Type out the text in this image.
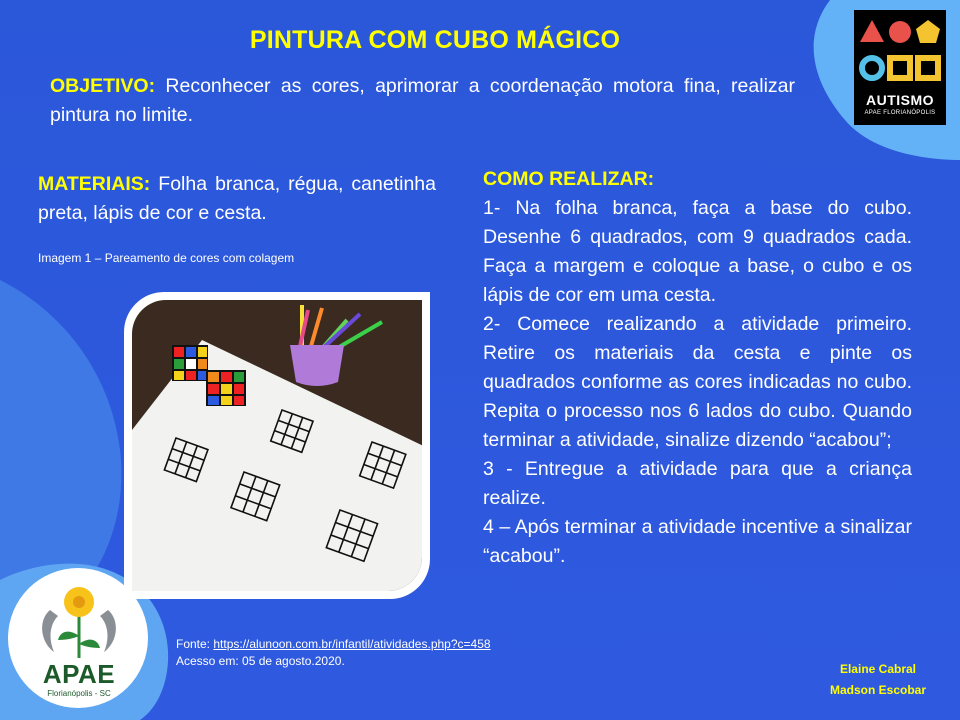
PINTURA COM CUBO MÁGICO
OBJETIVO: Reconhecer as cores, aprimorar a coordenação motora fina, realizar pintura no limite.
MATERIAIS: Folha branca, régua, canetinha preta, lápis de cor e cesta.
Imagem 1 – Pareamento de cores com colagem

COMO REALIZAR:

1- Na folha branca, faça a base do cubo. Desenhe 6 quadrados, com 9 quadrados cada. Faça a margem e coloque a base, o cubo e os lápis de cor em uma cesta.

2- Comece realizando a atividade primeiro. Retire os materiais da cesta e pinte os quadrados conforme as cores indicadas no cubo. Repita o processo nos 6 lados do cubo. Quando terminar a atividade, sinalize dizendo “acabou”;

3 - Entregue a atividade para que a criança realize.

4 – Após terminar a atividade incentive a sinalizar “acabou”.

Fonte: https://alunoon.com.br/infantil/atividades.php?c=458
Acesso em: 05 de agosto.2020.
Elaine Cabral
Madson Escobar
AUTISMO
APAE FLORIANÓPOLIS
APAE
Florianópolis - SC
